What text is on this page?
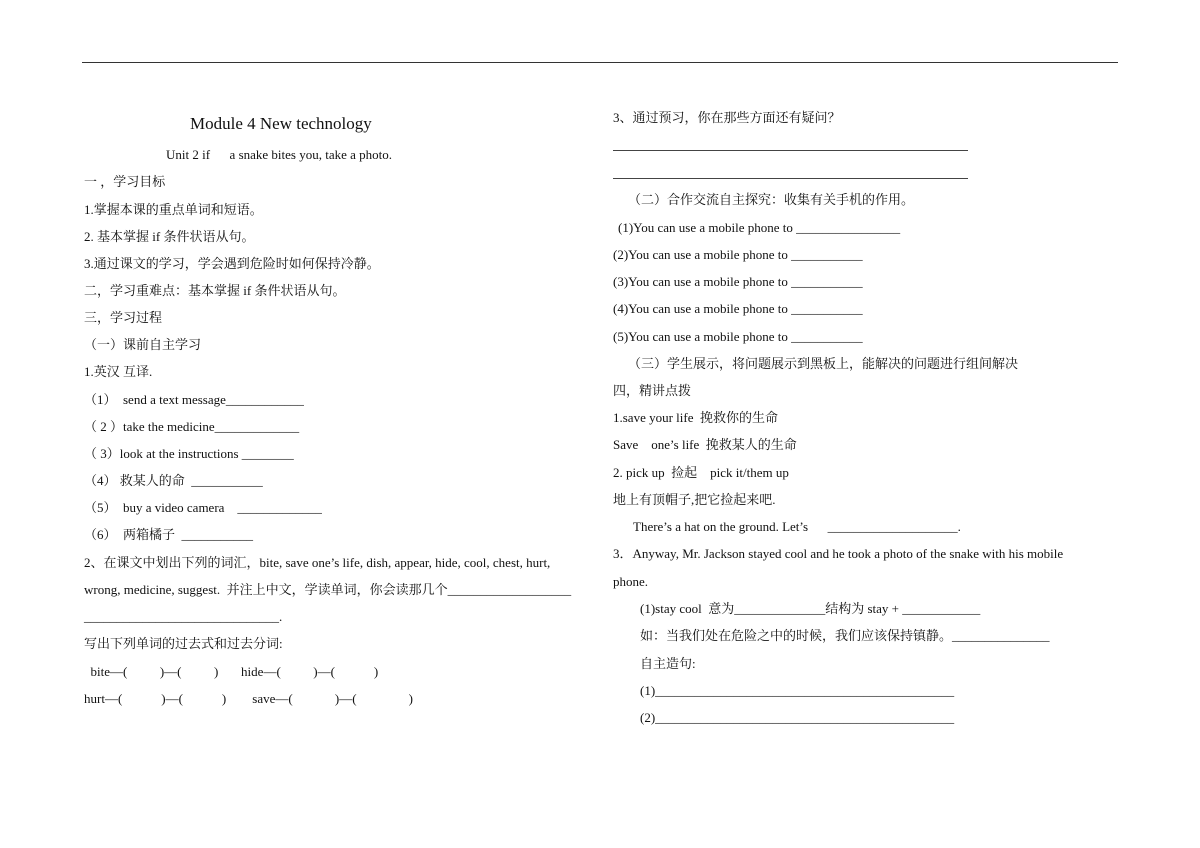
Module 4 New technology
Unit 2 if      a snake bites you, take a photo.
一 ，学习目标
1.掌握本课的重点单词和短语。
2. 基本掌握 if 条件状语从句。
3.通过课文的学习，学会遇到危险时如何保持冷静。
二，学习重难点：基本掌握 if 条件状语从句。
三，学习过程
（一）课前自主学习
1.英汉 互译.
（1）  send a text message____________
（ 2 ）take the medicine_____________
（ 3）look at the instructions ________
（4） 救某人的命  ___________
（5）  buy a video camera    _____________
（6）  两箱橘子  ___________
2、在课文中划出下列的词汇，bite, save one’s life, dish, appear, hide, cool, chest, hurt,
wrong, medicine, suggest.  并注上中文，学读单词，你会读那几个___________________
______________________________.
写出下列单词的过去式和过去分词:
bite—(          )—(          )       hide—(          )—(            )
hurt—(            )—(            )        save—(             )—(                )
3、通过预习，你在那些方面还有疑问？
（二）合作交流自主探究：收集有关手机的作用。
(1)You can use a mobile phone to ________________
(2)You can use a mobile phone to ___________
(3)You can use a mobile phone to ___________
(4)You can use a mobile phone to ___________
(5)You can use a mobile phone to ___________
（三）学生展示，将问题展示到黑板上，能解决的问题进行组间解决
四，精讲点拨
1.save your life  挽救你的生命
Save    one’s life  挽救某人的生命
2. pick up  捡起    pick it/them up
地上有顶帽子,把它捡起来吧.
There’s a hat on the ground. Let’s      ____________________.
3．Anyway, Mr. Jackson stayed cool and he took a photo of the snake with his mobile
phone.
(1)stay cool  意为______________结构为 stay + ____________
如：当我们处在危险之中的时候，我们应该保持镇静。_______________
自主造句:
(1)______________________________________________
(2)______________________________________________
